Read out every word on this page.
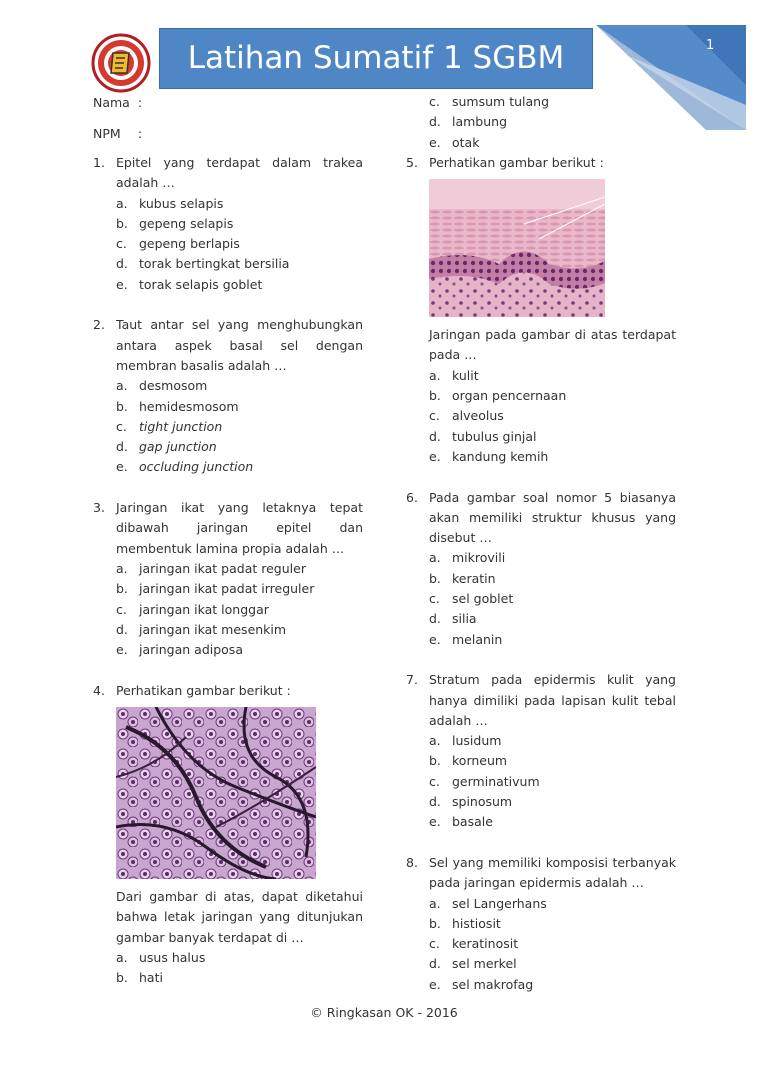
1
Latihan Sumatif 1 SGBM
Nama :
NPM :
1. Epitel yang terdapat dalam trakea adalah …
a. kubus selapis
b. gepeng selapis
c. gepeng berlapis
d. torak bertingkat bersilia
e. torak selapis goblet
2. Taut antar sel yang menghubungkan antara aspek basal sel dengan membran basalis adalah …
a. desmosom
b. hemidesmosom
c. tight junction
d. gap junction
e. occluding junction
3. Jaringan ikat yang letaknya tepat dibawah jaringan epitel dan membentuk lamina propia adalah …
a. jaringan ikat padat reguler
b. jaringan ikat padat irreguler
c. jaringan ikat longgar
d. jaringan ikat mesenkim
e. jaringan adiposa
4. Perhatikan gambar berikut :
Dari gambar di atas, dapat diketahui bahwa letak jaringan yang ditunjukan gambar banyak terdapat di …
a. usus halus
b. hati
c. sumsum tulang
d. lambung
e. otak
5. Perhatikan gambar berikut :
Jaringan pada gambar di atas terdapat pada …
a. kulit
b. organ pencernaan
c. alveolus
d. tubulus ginjal
e. kandung kemih
6. Pada gambar soal nomor 5 biasanya akan memiliki struktur khusus yang disebut …
a. mikrovili
b. keratin
c. sel goblet
d. silia
e. melanin
7. Stratum pada epidermis kulit yang hanya dimiliki pada lapisan kulit tebal adalah …
a. lusidum
b. korneum
c. germinativum
d. spinosum
e. basale
8. Sel yang memiliki komposisi terbanyak pada jaringan epidermis adalah …
a. sel Langerhans
b. histiosit
c. keratinosit
d. sel merkel
e. sel makrofag
© Ringkasan OK - 2016
